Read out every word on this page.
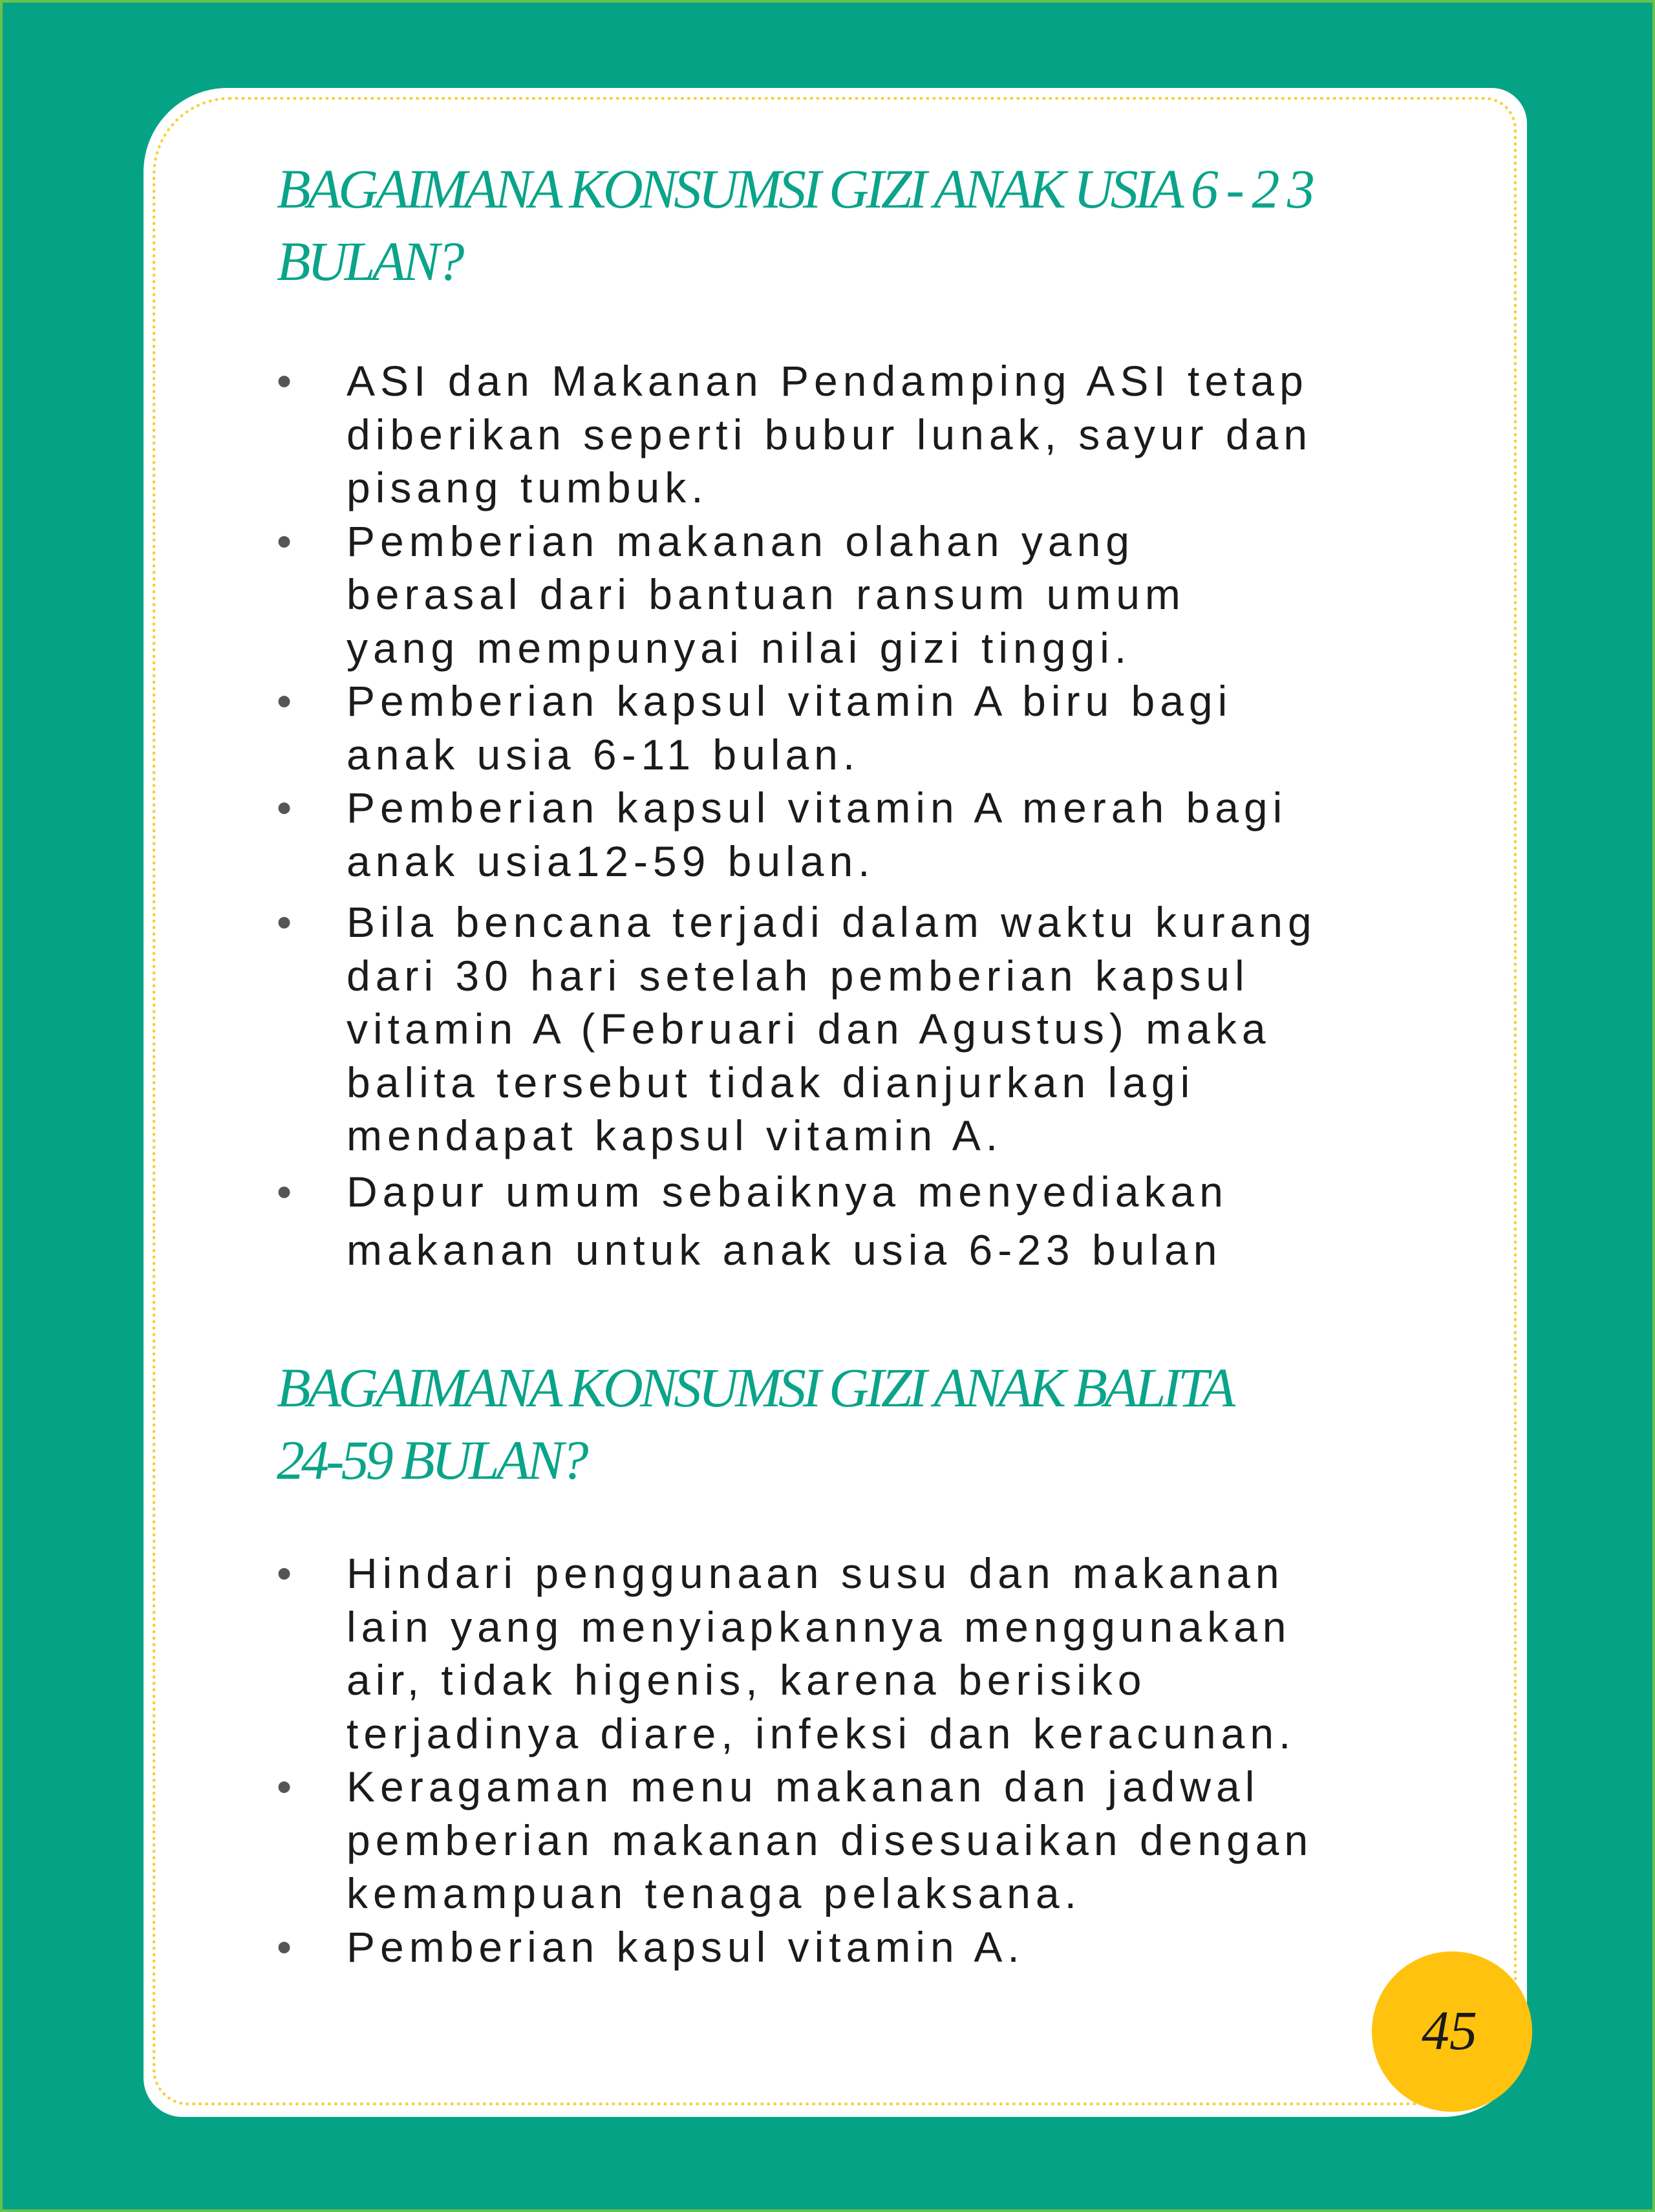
BAGAIMANA KONSUMSI GIZI ANAK USIA 6 - 2 3
BULAN?
• ASI dan Makanan Pendamping ASI tetap
diberikan seperti bubur lunak, sayur dan
pisang tumbuk.
• Pemberian makanan olahan yang
berasal dari bantuan ransum umum
yang mempunyai nilai gizi tinggi.
• Pemberian kapsul vitamin A biru bagi
anak usia 6-11 bulan.
• Pemberian kapsul vitamin A merah bagi
anak usia12-59 bulan.
• Bila bencana terjadi dalam waktu kurang
dari 30 hari setelah pemberian kapsul
vitamin A (Februari dan Agustus) maka
balita tersebut tidak dianjurkan lagi
mendapat kapsul vitamin A.
• Dapur umum sebaiknya menyediakan
makanan untuk anak usia 6-23 bulan
BAGAIMANA KONSUMSI GIZI ANAK BALITA
24-59 BULAN?
• Hindari penggunaan susu dan makanan
lain yang menyiapkannya menggunakan
air, tidak higenis, karena berisiko
terjadinya diare, infeksi dan keracunan.
• Keragaman menu makanan dan jadwal
pemberian makanan disesuaikan dengan
kemampuan tenaga pelaksana.
• Pemberian kapsul vitamin A.
45
